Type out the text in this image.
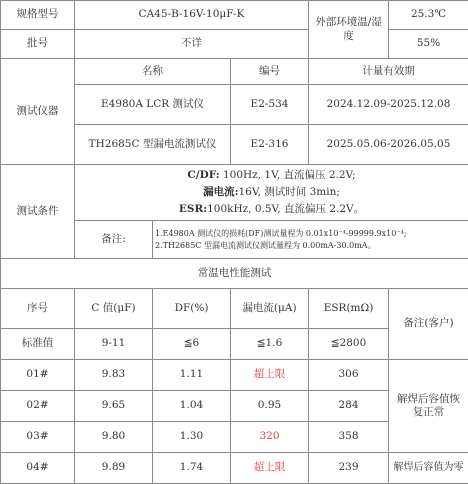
规格型号	CA45-B-16V-10μF-K			外部环境温/湿度	25.3℃
批号	不详				55%
测试仪器	名称		编号	计量有效期	
	E4980A LCR 测试仪		E2-534	2024.12.09-2025.12.08	
	TH2685C 型漏电流测试仪		E2-316	2025.05.06-2026.05.05	
测试条件	C/DF: 100Hz, 1V, 直流偏压 2.2V;
漏电流:16V, 测试时间 3min;
ESR:100kHz, 0.5V, 直流偏压 2.2V。				

	备注:	1.E4980A 测试仪的损耗(DF)测试量程为 0.01x10⁻⁴-99999.9x10⁻⁴;
2.TH2685C 型漏电流测试仪测试量程为 0.00mA-30.0mA。			

常温电性能测试					
序号	C 值(μF)	DF(%)	漏电流(μA)	ESR(mΩ)	备注(客户)
标准值	9-11	≦6	≦1.6	≦2800	
01#	9.83	1.11	超上限	306	解焊后容值恢复正常
02#	9.65	1.04	0.95	284	
03#	9.80	1.30	320	358	
04#	9.89	1.74	超上限	239	解焊后容值为零
